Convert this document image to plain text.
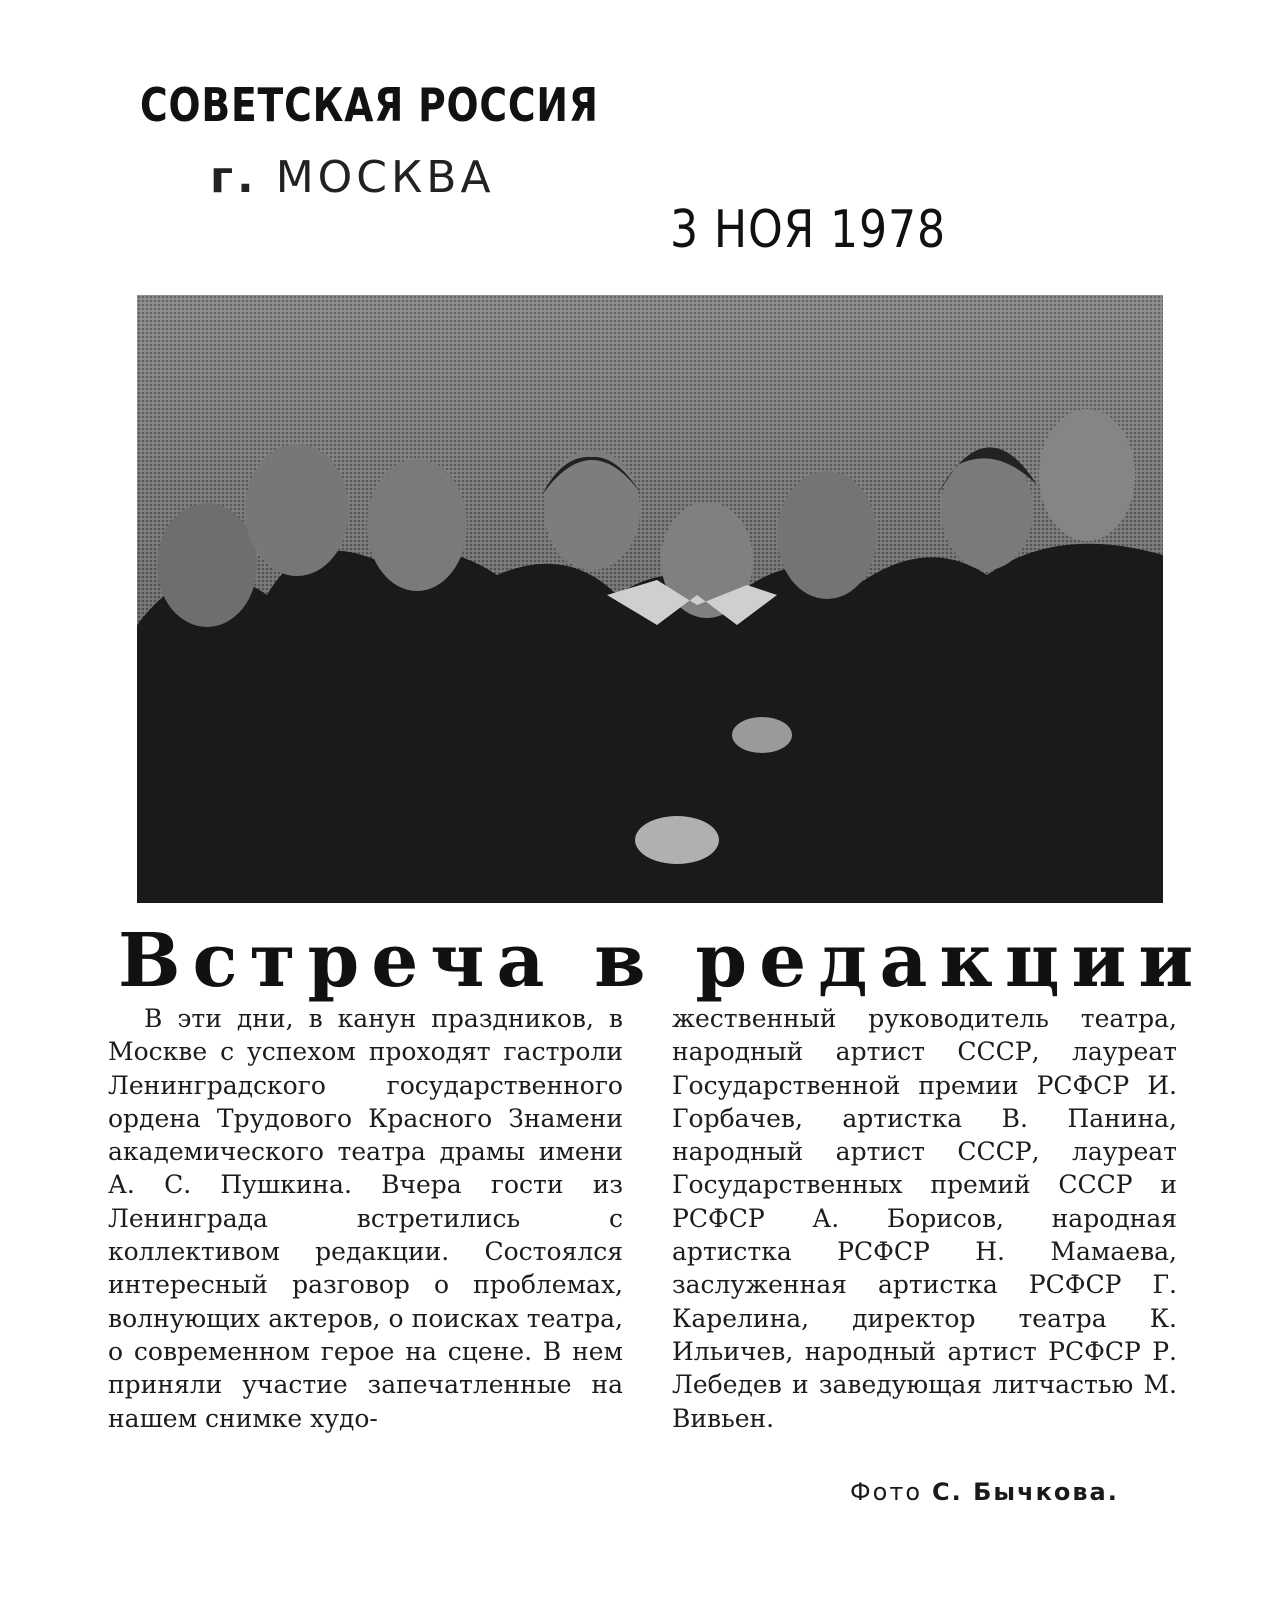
СОВЕТСКАЯ РОССИЯ
г. МОСКВА
3 НОЯ 1978
Встреча в редакции
В эти дни, в канун праздников, в Москве с успехом проходят гастроли Ленинградского государственного ордена Трудового Красного Знамени академического театра драмы имени А. С. Пушкина. Вчера гости из Ленинграда встретились с коллективом редакции. Состоялся интересный разговор о проблемах, волнующих актеров, о поисках театра, о современном герое на сцене. В нем приняли участие запечатленные на нашем снимке худо-
жественный руководитель театра, народный артист СССР, лауреат Государственной премии РСФСР И. Горбачев, артистка В. Панина, народный артист СССР, лауреат Государственных премий СССР и РСФСР А. Борисов, народная артистка РСФСР Н. Мамаева, заслуженная артистка РСФСР Г. Карелина, директор театра К. Ильичев, народный артист РСФСР Р. Лебедев и заведующая литчастью М. Вивьен.
Фото С. Бычкова.
